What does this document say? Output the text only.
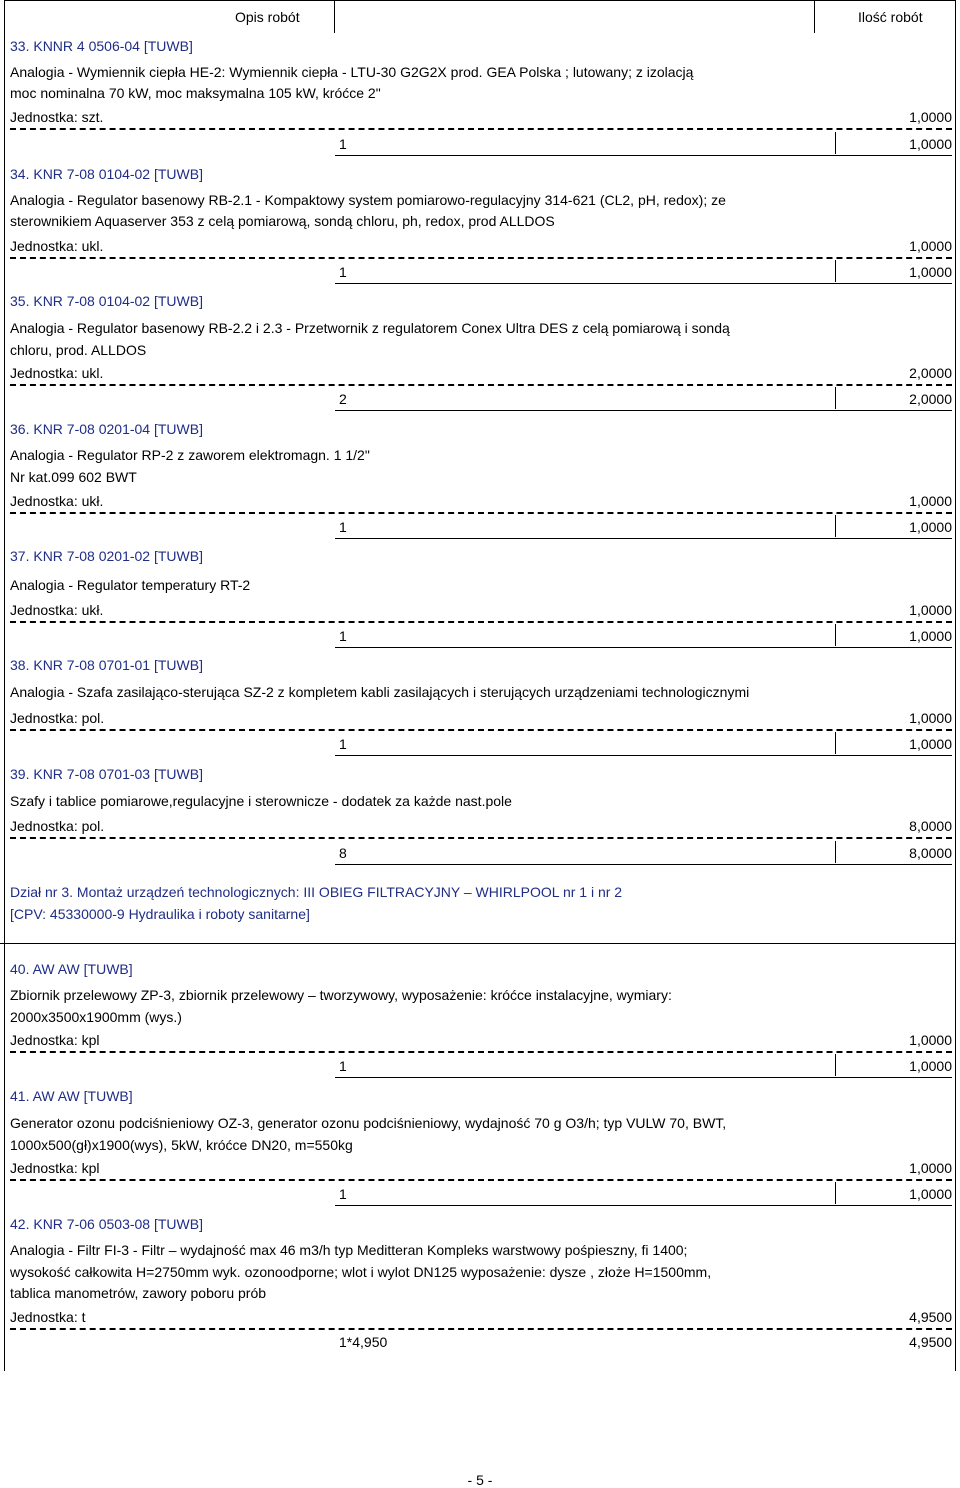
Opis robót	Ilość robót
33. KNNR 4 0506-04 [TUWB]
Analogia - Wymiennik ciepła HE-2: Wymiennik ciepła - LTU-30 G2G2X prod. GEA Polska ; lutowany; z izolacją
moc nominalna 70 kW, moc maksymalna 105 kW, króćce 2"
Jednostka: szt.	1,0000
1	1,0000
34. KNR 7-08 0104-02 [TUWB]
Analogia - Regulator basenowy RB-2.1 - Kompaktowy system pomiarowo-regulacyjny 314-621 (CL2, pH, redox); ze
sterownikiem Aquaserver 353 z celą pomiarową, sondą chloru, ph, redox, prod ALLDOS
Jednostka: ukl.	1,0000
1	1,0000
35. KNR 7-08 0104-02 [TUWB]
Analogia - Regulator basenowy RB-2.2 i 2.3 - Przetwornik z regulatorem Conex Ultra DES z celą pomiarową i sondą
chloru, prod. ALLDOS
Jednostka: ukl.	2,0000
2	2,0000
36. KNR 7-08 0201-04 [TUWB]
Analogia - Regulator RP-2 z zaworem elektromagn. 1 1/2"
Nr kat.099 602 BWT
Jednostka: ukł.	1,0000
1	1,0000
37. KNR 7-08 0201-02 [TUWB]
Analogia - Regulator temperatury RT-2
Jednostka: ukł.	1,0000
1	1,0000
38. KNR 7-08 0701-01 [TUWB]
Analogia - Szafa zasilająco-sterująca SZ-2 z kompletem kabli zasilających i sterujących urządzeniami technologicznymi
Jednostka: pol.	1,0000
1	1,0000
39. KNR 7-08 0701-03 [TUWB]
Szafy i tablice pomiarowe,regulacyjne i sterownicze - dodatek za każde nast.pole
Jednostka: pol.	8,0000
8	8,0000
Dział nr 3. Montaż urządzeń technologicznych: III OBIEG FILTRACYJNY – WHIRLPOOL nr 1 i nr 2
[CPV: 45330000-9 Hydraulika i roboty sanitarne]
40. AW AW [TUWB]
Zbiornik przelewowy ZP-3, zbiornik przelewowy – tworzywowy, wyposażenie: króćce instalacyjne, wymiary:
2000x3500x1900mm (wys.)
Jednostka: kpl	1,0000
1	1,0000
41. AW AW [TUWB]
Generator ozonu podciśnieniowy OZ-3, generator ozonu podciśnieniowy, wydajność 70 g O3/h; typ VULW 70, BWT,
1000x500(gł)x1900(wys), 5kW, króćce DN20, m=550kg
Jednostka: kpl	1,0000
1	1,0000
42. KNR 7-06 0503-08 [TUWB]
Analogia - Filtr FI-3 - Filtr – wydajność max 46 m3/h typ Meditteran Kompleks warstwowy pośpieszny, fi 1400;
wysokość całkowita H=2750mm wyk. ozonoodporne; wlot i wylot DN125 wyposażenie: dysze , złoże H=1500mm,
tablica manometrów, zawory poboru prób
Jednostka: t	4,9500
1*4,950	4,9500
- 5 -
